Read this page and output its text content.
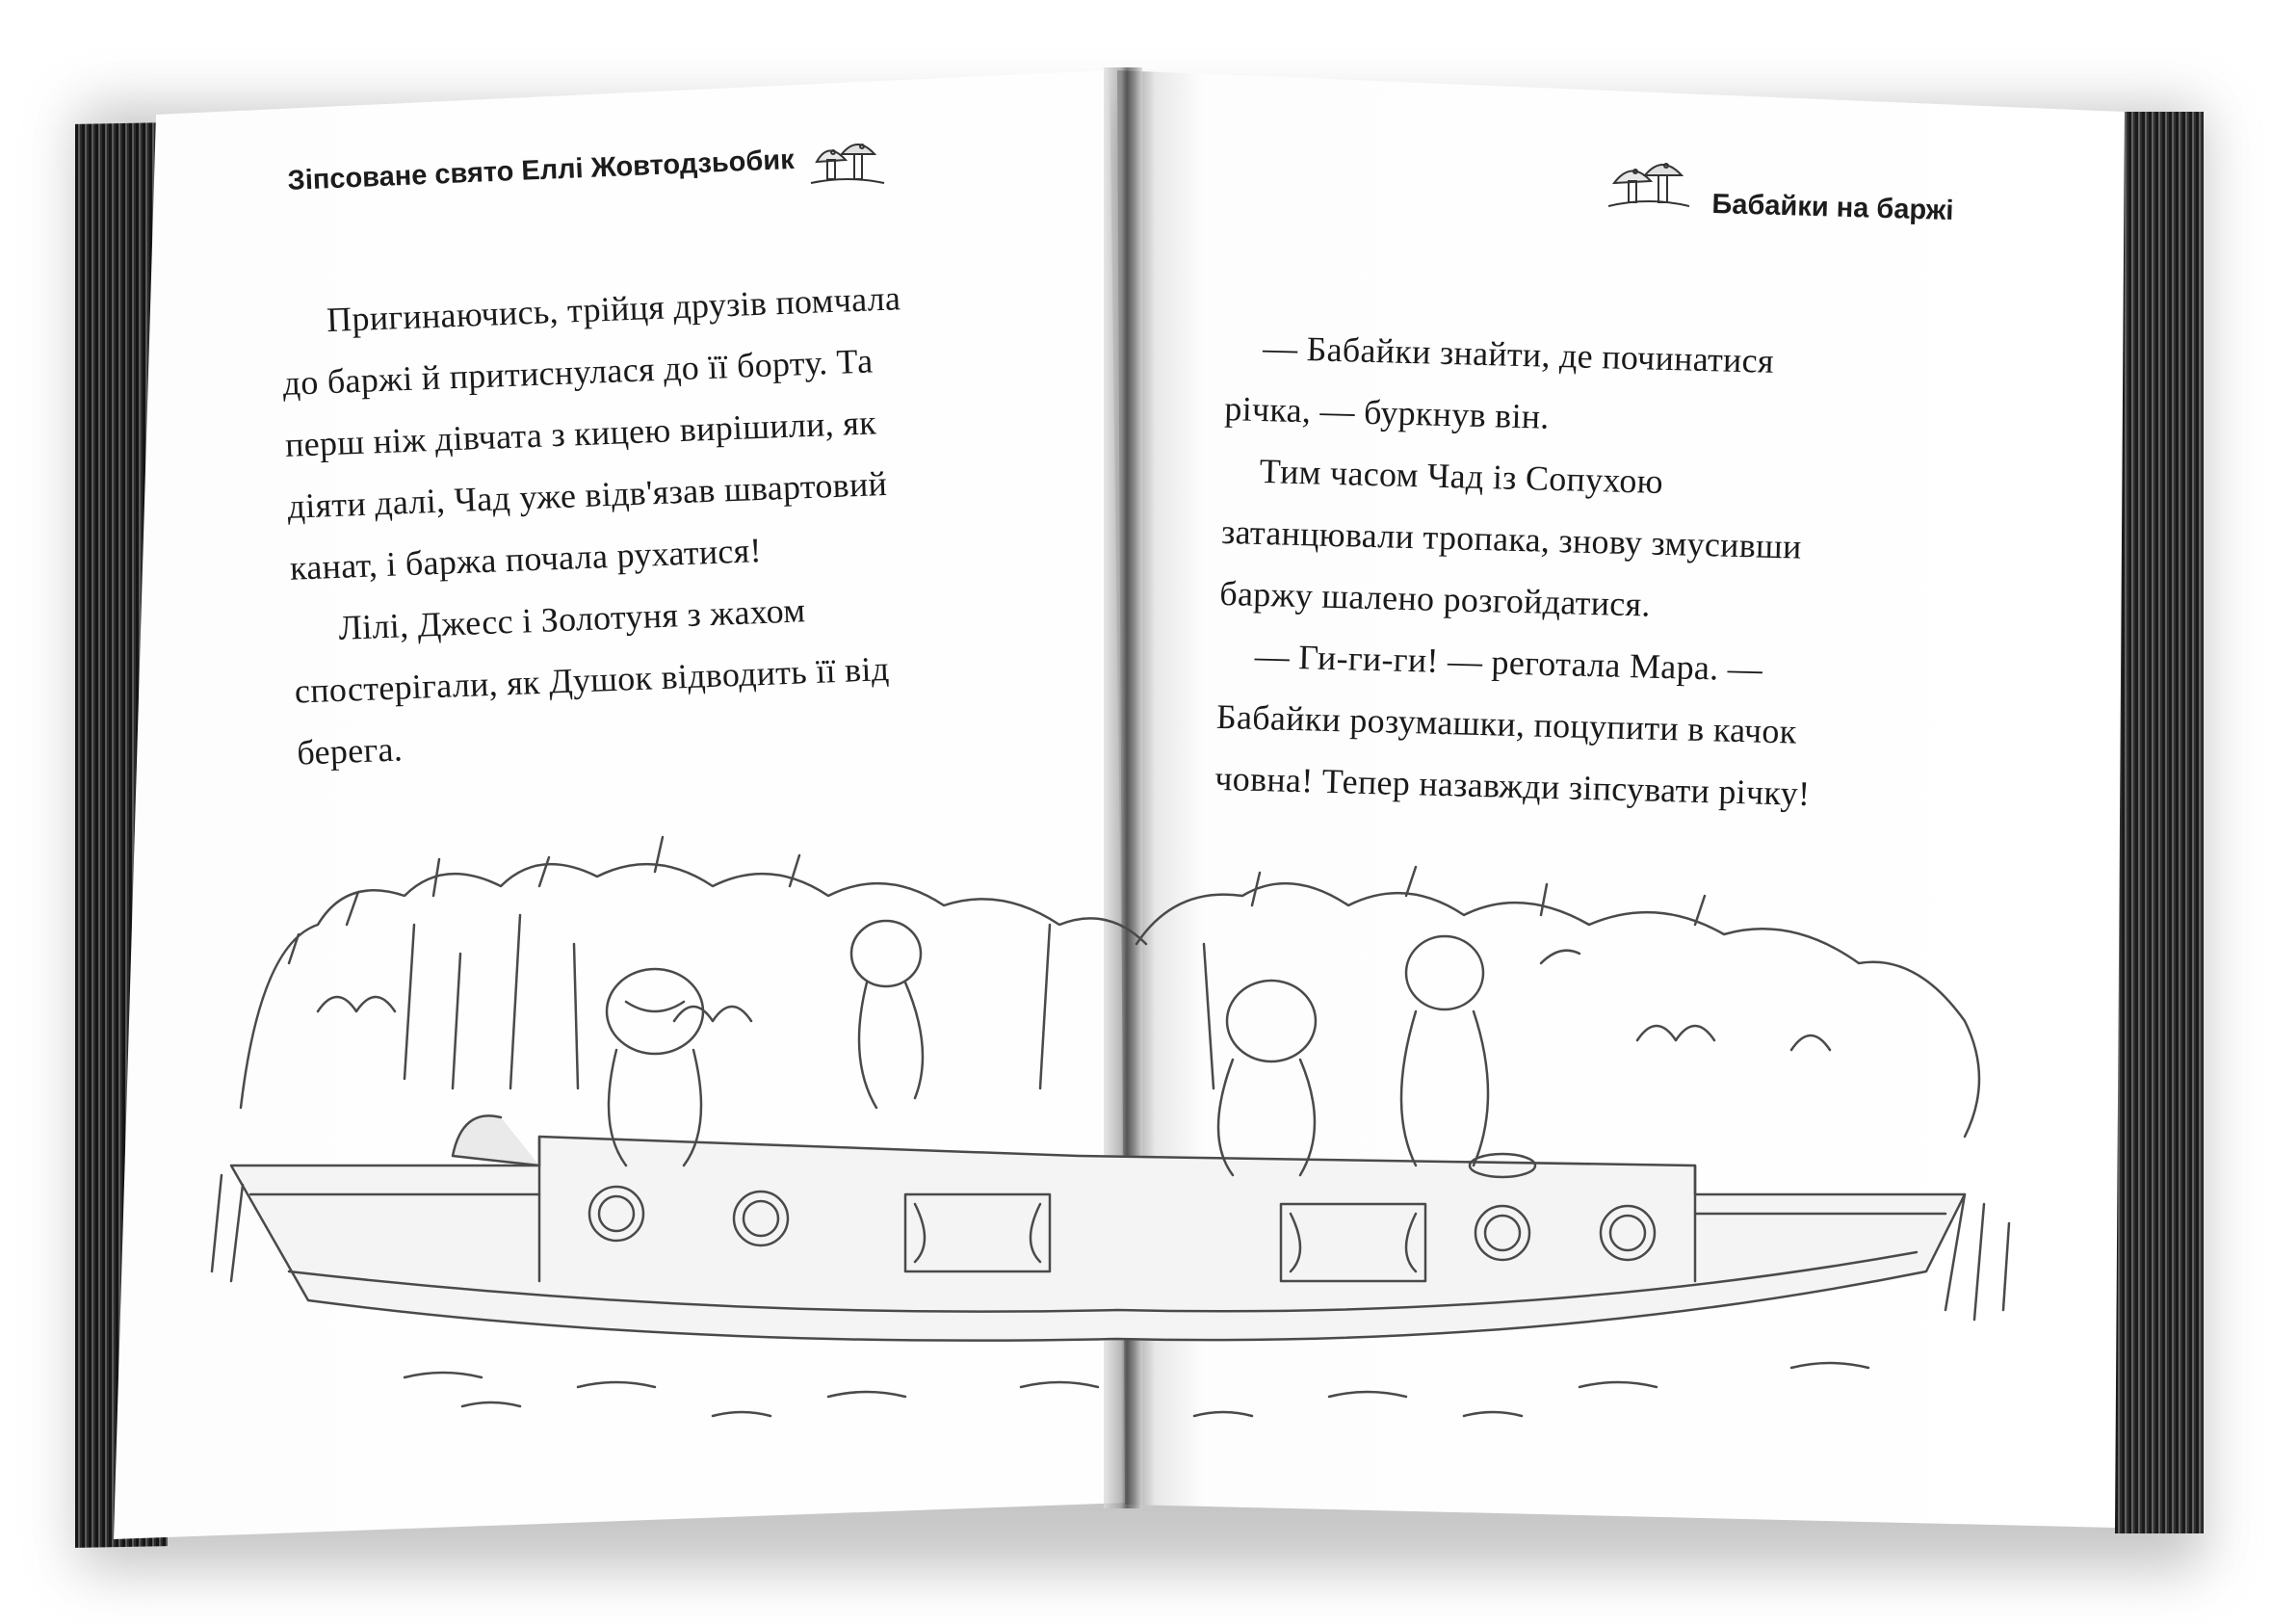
Зіпсоване свято Еллі Жовтодзьобик
Бабайки на баржі
Пригинаючись, трійця друзів помчала
до баржі й притиснулася до її борту. Та
перш ніж дівчата з кицею вирішили, як
діяти далі, Чад уже відв'язав швартовий
канат, і баржа почала рухатися!
Лілі, Джесс і Золотуня з жахом
спостерігали, як Душок відводить її від
берега.
— Бабайки знайти, де починатися
річка, — буркнув він.
Тим часом Чад із Сопухою
затанцювали тропака, знову змусивши
баржу шалено розгойдатися.
— Ги-ги-ги! — реготала Мара. —
Бабайки розумашки, поцупити в качок
човна! Тепер назавжди зіпсувати річку!
